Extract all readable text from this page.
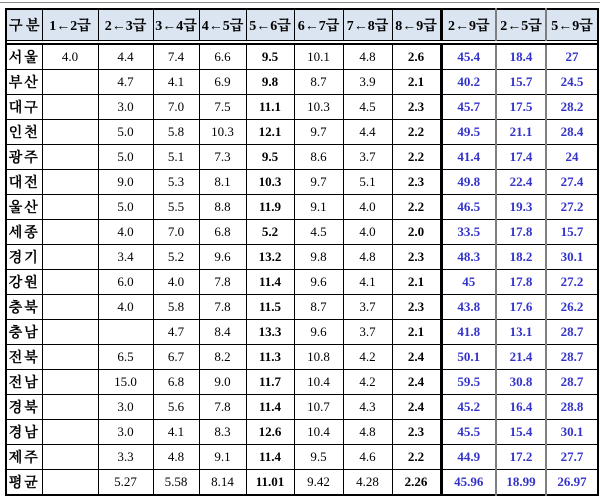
구 분	1←2급	2←3급	3←4급	4←5급	5←6급	6←7급	7←8급	8←9급	2←9급	2←5급	5←9급

서울	4.0	4.4	7.4	6.6	9.5	10.1	4.8	2.6	45.4	18.4	27
부산		4.7	4.1	6.9	9.8	8.7	3.9	2.1	40.2	15.7	24.5
대구		3.0	7.0	7.5	11.1	10.3	4.5	2.3	45.7	17.5	28.2
인천		5.0	5.8	10.3	12.1	9.7	4.4	2.2	49.5	21.1	28.4
광주		5.0	5.1	7.3	9.5	8.6	3.7	2.2	41.4	17.4	24
대전		9.0	5.3	8.1	10.3	9.7	5.1	2.3	49.8	22.4	27.4
울산		5.0	5.5	8.8	11.9	9.1	4.0	2.2	46.5	19.3	27.2
세종		4.0	7.0	6.8	5.2	4.5	4.0	2.0	33.5	17.8	15.7
경기		3.4	5.2	9.6	13.2	9.8	4.8	2.3	48.3	18.2	30.1
강원		6.0	4.0	7.8	11.4	9.6	4.1	2.1	45	17.8	27.2
충북		4.0	5.8	7.8	11.5	8.7	3.7	2.3	43.8	17.6	26.2
충남			4.7	8.4	13.3	9.6	3.7	2.1	41.8	13.1	28.7
전북		6.5	6.7	8.2	11.3	10.8	4.2	2.4	50.1	21.4	28.7
전남		15.0	6.8	9.0	11.7	10.4	4.2	2.4	59.5	30.8	28.7
경북		3.0	5.6	7.8	11.4	10.7	4.3	2.4	45.2	16.4	28.8
경남		3.0	4.1	8.3	12.6	10.4	4.8	2.3	45.5	15.4	30.1
제주		3.3	4.8	9.1	11.4	9.5	4.6	2.2	44.9	17.2	27.7
평균		5.27	5.58	8.14	11.01	9.42	4.28	2.26	45.96	18.99	26.97
